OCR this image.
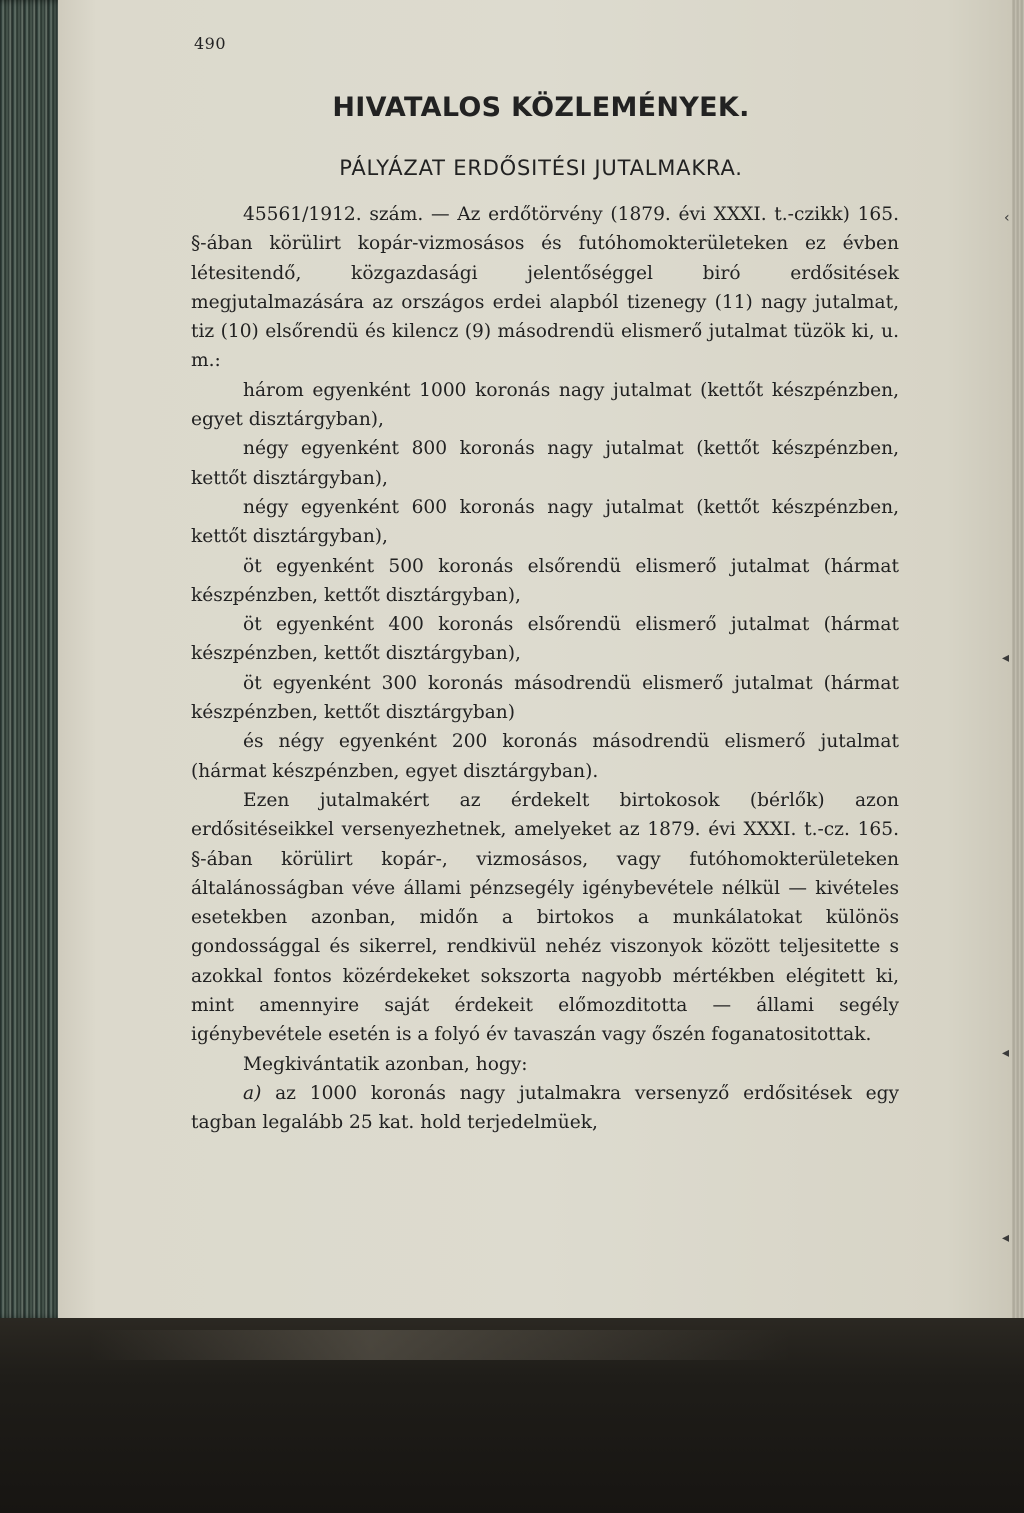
490
HIVATALOS KÖZLEMÉNYEK.
PÁLYÁZAT ERDŐSITÉSI JUTALMAKRA.

45561/1912. szám. — Az erdőtörvény (1879. évi XXXI. t.-czikk) 165. §-ában körülirt kopár-vizmosásos és futóhomokterületeken ez évben létesitendő, közgazdasági jelentőséggel biró erdősitések megjutalmazására az országos erdei alapból tizenegy (11) nagy jutalmat, tiz (10) elsőrendü és kilencz (9) másodrendü elismerő jutalmat tüzök ki, u. m.:

három egyenként 1000 koronás nagy jutalmat (kettőt készpénzben, egyet disztárgyban),

négy egyenként 800 koronás nagy jutalmat (kettőt készpénzben, kettőt disztárgyban),

négy egyenként 600 koronás nagy jutalmat (kettőt készpénzben, kettőt disztárgyban),

öt egyenként 500 koronás elsőrendü elismerő jutalmat (hármat készpénzben, kettőt disztárgyban),

öt egyenként 400 koronás elsőrendü elismerő jutalmat (hármat készpénzben, kettőt disztárgyban),

öt egyenként 300 koronás másodrendü elismerő jutalmat (hármat készpénzben, kettőt disztárgyban)

és négy egyenként 200 koronás másodrendü elismerő jutalmat (hármat készpénzben, egyet disztárgyban).

Ezen jutalmakért az érdekelt birtokosok (bérlők) azon erdősitéseikkel versenyezhetnek, amelyeket az 1879. évi XXXI. t.-cz. 165. §-ában körülirt kopár-, vizmosásos, vagy futóhomokterületeken általánosságban véve állami pénzsegély igénybevétele nélkül — kivételes esetekben azonban, midőn a birtokos a munkálatokat különös gondossággal és sikerrel, rendkivül nehéz viszonyok között teljesitette s azokkal fontos közérdekeket sokszorta nagyobb mértékben elégitett ki, mint amennyire saját érdekeit előmozditotta — állami segély igénybevétele esetén is a folyó év tavaszán vagy őszén foganatositottak.

Megkivántatik azonban, hogy:

a) az 1000 koronás nagy jutalmakra versenyző erdősitések egy tagban legalább 25 kat. hold terjedelmüek,

‹
◂
◂
◂
